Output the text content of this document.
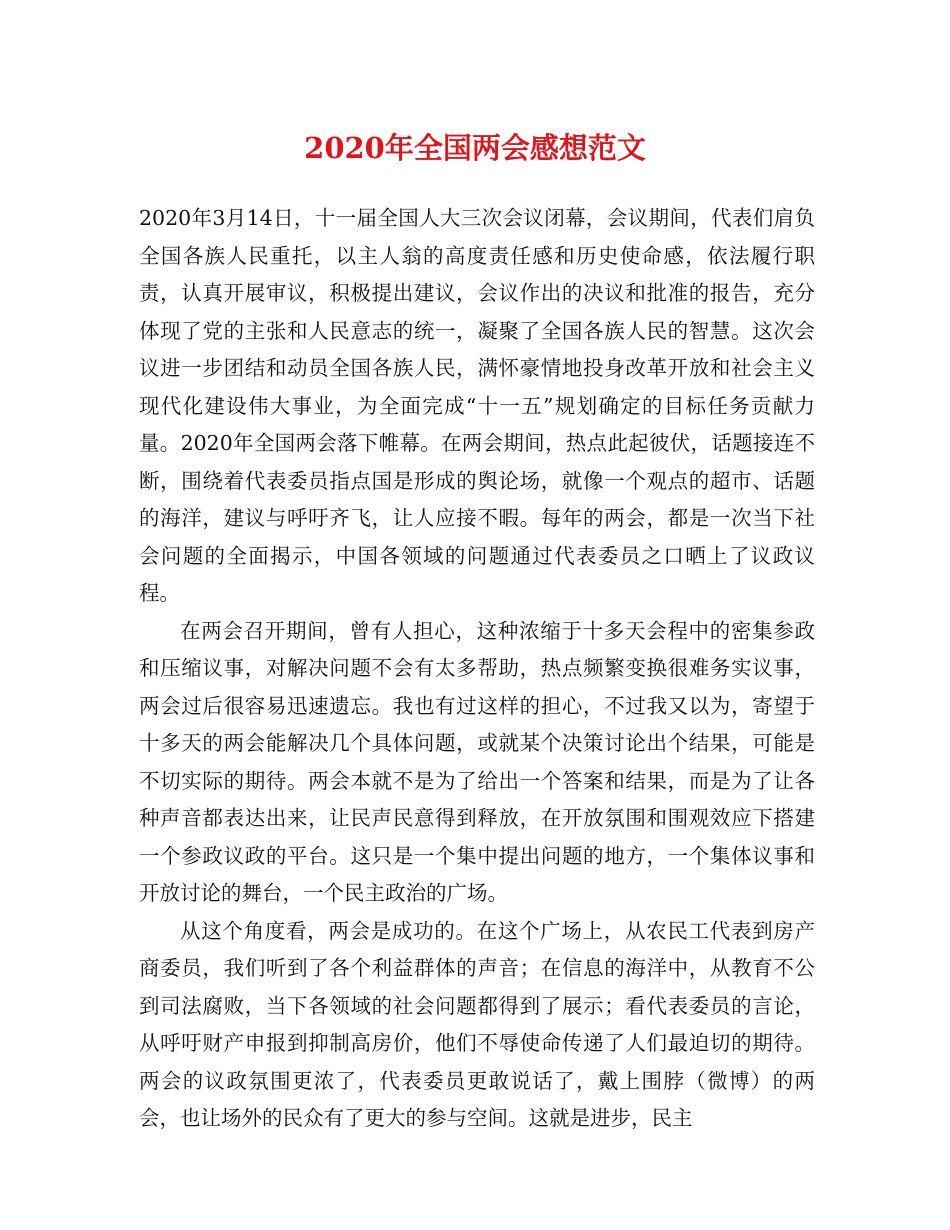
2020年全国两会感想范文

2020年3月14日，十一届全国人大三次会议闭幕，会议期间，代表们肩负全国各族人民重托，以主人翁的高度责任感和历史使命感，依法履行职责，认真开展审议，积极提出建议，会议作出的决议和批准的报告，充分体现了党的主张和人民意志的统一，凝聚了全国各族人民的智慧。这次会议进一步团结和动员全国各族人民，满怀豪情地投身改革开放和社会主义现代化建设伟大事业，为全面完成“十一五”规划确定的目标任务贡献力量。2020年全国两会落下帷幕。在两会期间，热点此起彼伏，话题接连不断，围绕着代表委员指点国是形成的舆论场，就像一个观点的超市、话题的海洋，建议与呼吁齐飞，让人应接不暇。每年的两会，都是一次当下社会问题的全面揭示，中国各领域的问题通过代表委员之口晒上了议政议程。

在两会召开期间，曾有人担心，这种浓缩于十多天会程中的密集参政和压缩议事，对解决问题不会有太多帮助，热点频繁变换很难务实议事，两会过后很容易迅速遗忘。我也有过这样的担心，不过我又以为，寄望于十多天的两会能解决几个具体问题，或就某个决策讨论出个结果，可能是不切实际的期待。两会本就不是为了给出一个答案和结果，而是为了让各种声音都表达出来，让民声民意得到释放，在开放氛围和围观效应下搭建一个参政议政的平台。这只是一个集中提出问题的地方，一个集体议事和开放讨论的舞台，一个民主政治的广场。

从这个角度看，两会是成功的。在这个广场上，从农民工代表到房产商委员，我们听到了各个利益群体的声音；在信息的海洋中，从教育不公到司法腐败，当下各领域的社会问题都得到了展示；看代表委员的言论，从呼吁财产申报到抑制高房价，他们不辱使命传递了人们最迫切的期待。两会的议政氛围更浓了，代表委员更敢说话了，戴上围脖（微博）的两会，也让场外的民众有了更大的参与空间。这就是进步，民主
